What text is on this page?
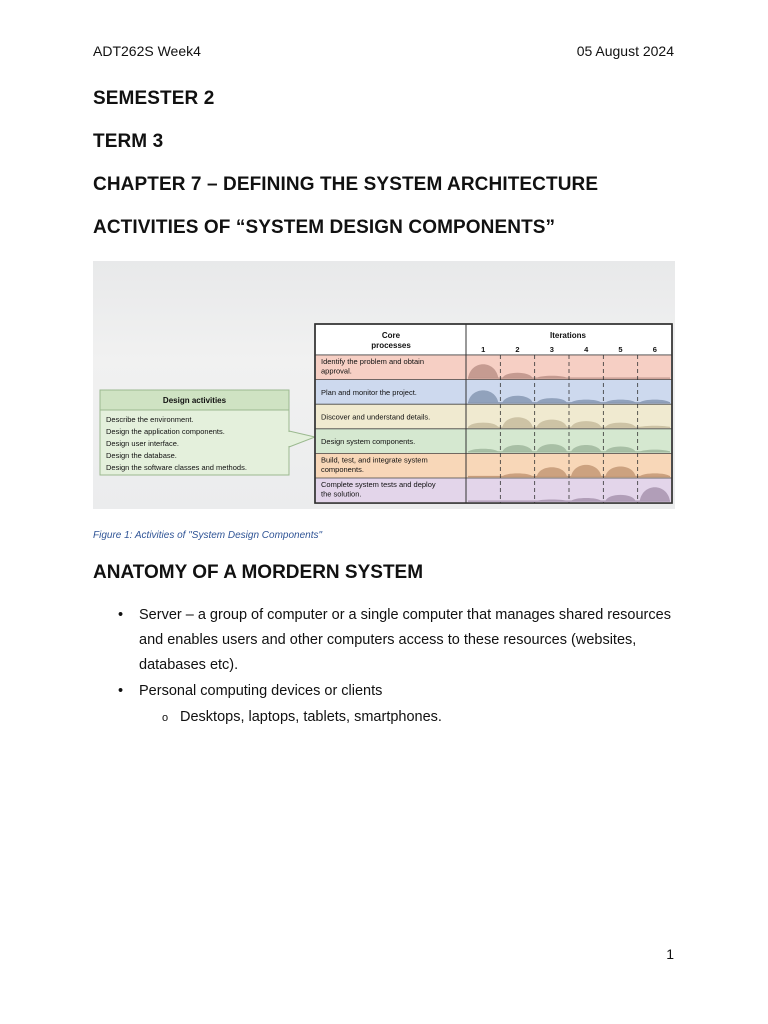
ADT262S Week4	05 August 2024
SEMESTER 2
TERM 3
CHAPTER 7 – DEFINING THE SYSTEM ARCHITECTURE
ACTIVITIES OF “SYSTEM DESIGN COMPONENTS”
Design activities
Describe the environment.
Design the application components.
Design user interface.
Design the database.
Design the software classes and methods.
Core
processes
Iterations
1	2	3	4	5	6
Identify the problem and obtain
approval.
Plan and monitor the project.
Discover and understand details.
Design system components.
Build, test, and integrate system
components.
Complete system tests and deploy
the solution.
Figure 1: Activities of "System Design Components"
ANATOMY OF A MORDERN SYSTEM
• Server – a group of computer or a single computer that manages shared resources and enables users and other computers access to these resources (websites, databases etc).
• Personal computing devices or clients
o Desktops, laptops, tablets, smartphones.
1
